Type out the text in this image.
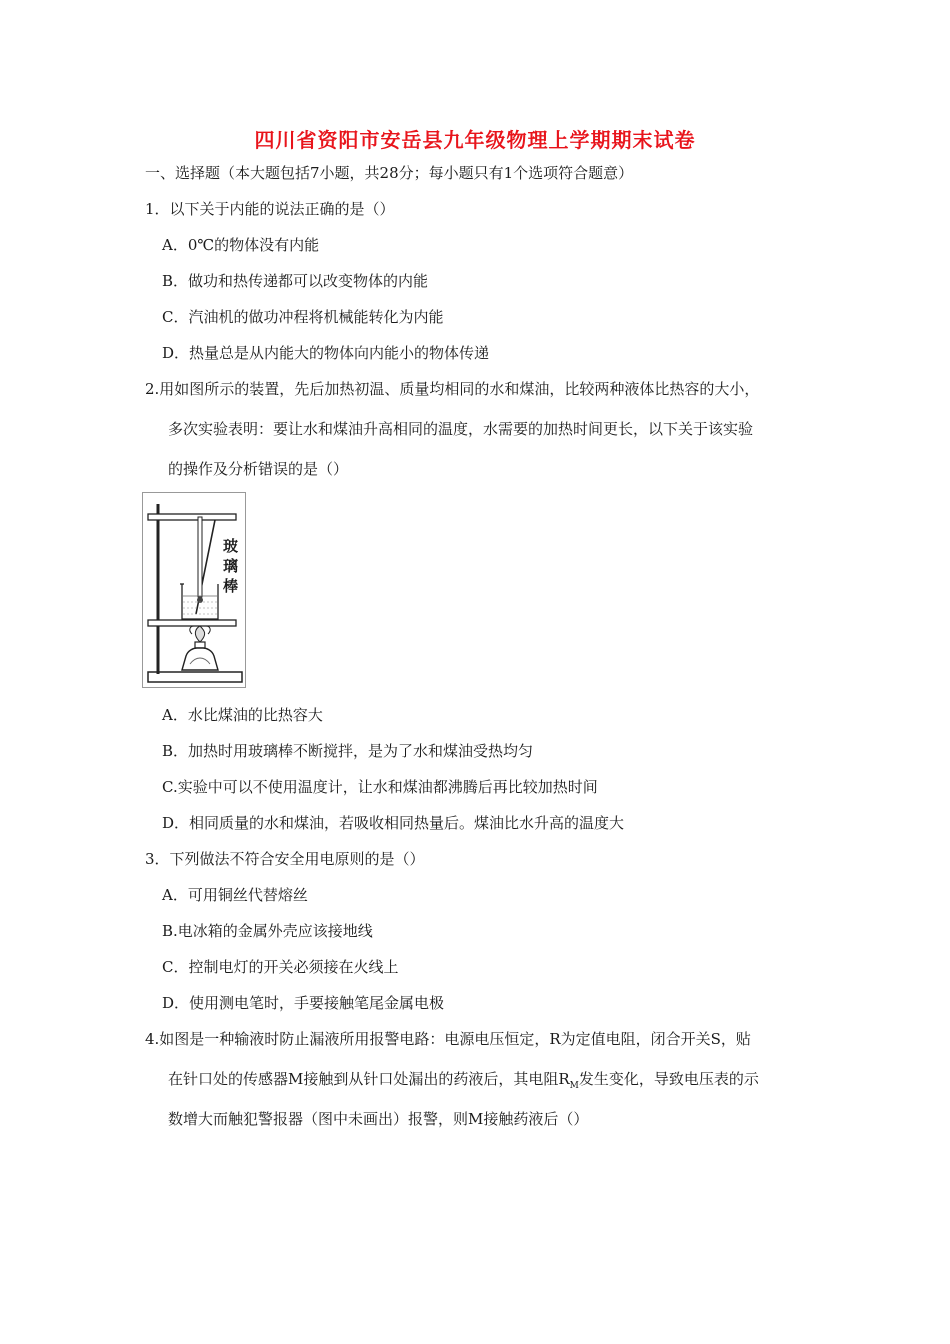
四川省资阳市安岳县九年级物理上学期期末试卷
一、选择题（本大题包括7小题，共28分；每小题只有1个选项符合题意）
1．以下关于内能的说法正确的是（）
A．0℃的物体没有内能
B．做功和热传递都可以改变物体的内能
C．汽油机的做功冲程将机械能转化为内能
D．热量总是从内能大的物体向内能小的物体传递
2.用如图所示的装置，先后加热初温、质量均相同的水和煤油，比较两种液体比热容的大小，
多次实验表明：要让水和煤油升高相同的温度，水需要的加热时间更长，以下关于该实验
的操作及分析错误的是（）
玻
璃
棒
A．水比煤油的比热容大
B．加热时用玻璃棒不断搅拌，是为了水和煤油受热均匀
C.实验中可以不使用温度计，让水和煤油都沸腾后再比较加热时间
D．相同质量的水和煤油，若吸收相同热量后。煤油比水升高的温度大
3．下列做法不符合安全用电原则的是（）
A．可用铜丝代替熔丝
B.电冰箱的金属外壳应该接地线
C．控制电灯的开关必须接在火线上
D．使用测电笔时，手要接触笔尾金属电极
4.如图是一种输液时防止漏液所用报警电路：电源电压恒定，R为定值电阻，闭合开关S，贴
在针口处的传感器M接触到从针口处漏出的药液后，其电阻$R_M$发生变化，导致电压表的示
数增大而触犯警报器（图中未画出）报警，则M接触药液后（）
